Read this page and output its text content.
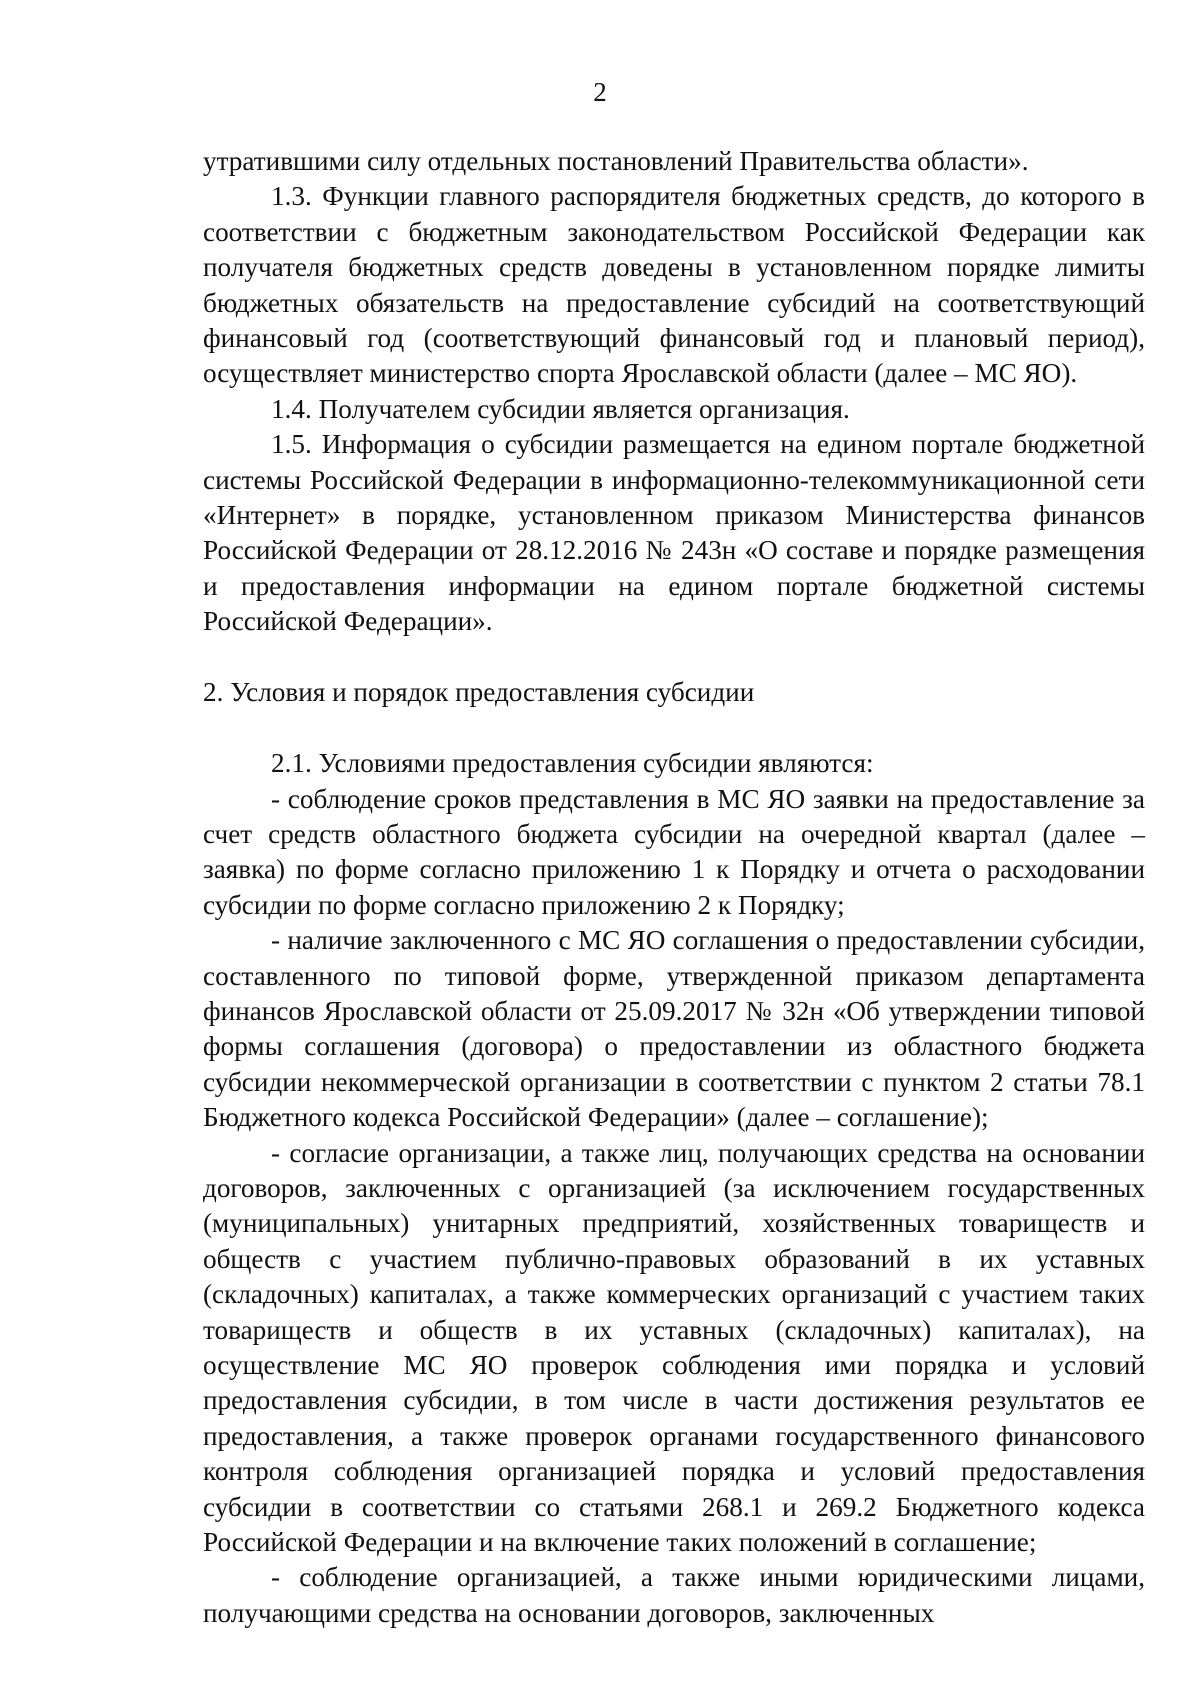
2

утратившими силу отдельных постановлений Правительства области».

1.3. Функции главного распорядителя бюджетных средств, до которого в соответствии с бюджетным законодательством Российской Федерации как получателя бюджетных средств доведены в установленном порядке лимиты бюджетных обязательств на предоставление субсидий на соответствующий финансовый год (соответствующий финансовый год и плановый период), осуществляет министерство спорта Ярославской области (далее – МС ЯО).

1.4. Получателем субсидии является организация.

1.5. Информация о субсидии размещается на едином портале бюджетной системы Российской Федерации в информационно-телекоммуникационной сети «Интернет» в порядке, установленном приказом Министерства финансов Российской Федерации от 28.12.2016 № 243н «О составе и порядке размещения и предоставления информации на едином портале бюджетной системы Российской Федерации».

2. Условия и порядок предоставления субсидии

2.1. Условиями предоставления субсидии являются:

- соблюдение сроков представления в МС ЯО заявки на предоставление за счет средств областного бюджета субсидии на очередной квартал (далее – заявка) по форме согласно приложению 1 к Порядку и отчета о расходовании субсидии по форме согласно приложению 2 к Порядку;

- наличие заключенного с МС ЯО соглашения о предоставлении субсидии, составленного по типовой форме, утвержденной приказом департамента финансов Ярославской области от 25.09.2017 № 32н «Об утверждении типовой формы соглашения (договора) о предоставлении из областного бюджета субсидии некоммерческой организации в соответствии с пунктом 2 статьи 78.1 Бюджетного кодекса Российской Федерации» (далее – соглашение);

- согласие организации, а также лиц, получающих средства на основании договоров, заключенных с организацией (за исключением государственных (муниципальных) унитарных предприятий, хозяйственных товариществ и обществ с участием публично-правовых образований в их уставных (складочных) капиталах, а также коммерческих организаций с участием таких товариществ и обществ в их уставных (складочных) капиталах), на осуществление МС ЯО проверок соблюдения ими порядка и условий предоставления субсидии, в том числе в части достижения результатов ее предоставления, а также проверок органами государственного финансового контроля соблюдения организацией порядка и условий предоставления субсидии в соответствии со статьями 268.1 и 269.2 Бюджетного кодекса Российской Федерации и на включение таких положений в соглашение;

- соблюдение организацией, а также иными юридическими лицами, получающими средства на основании договоров, заключенных
